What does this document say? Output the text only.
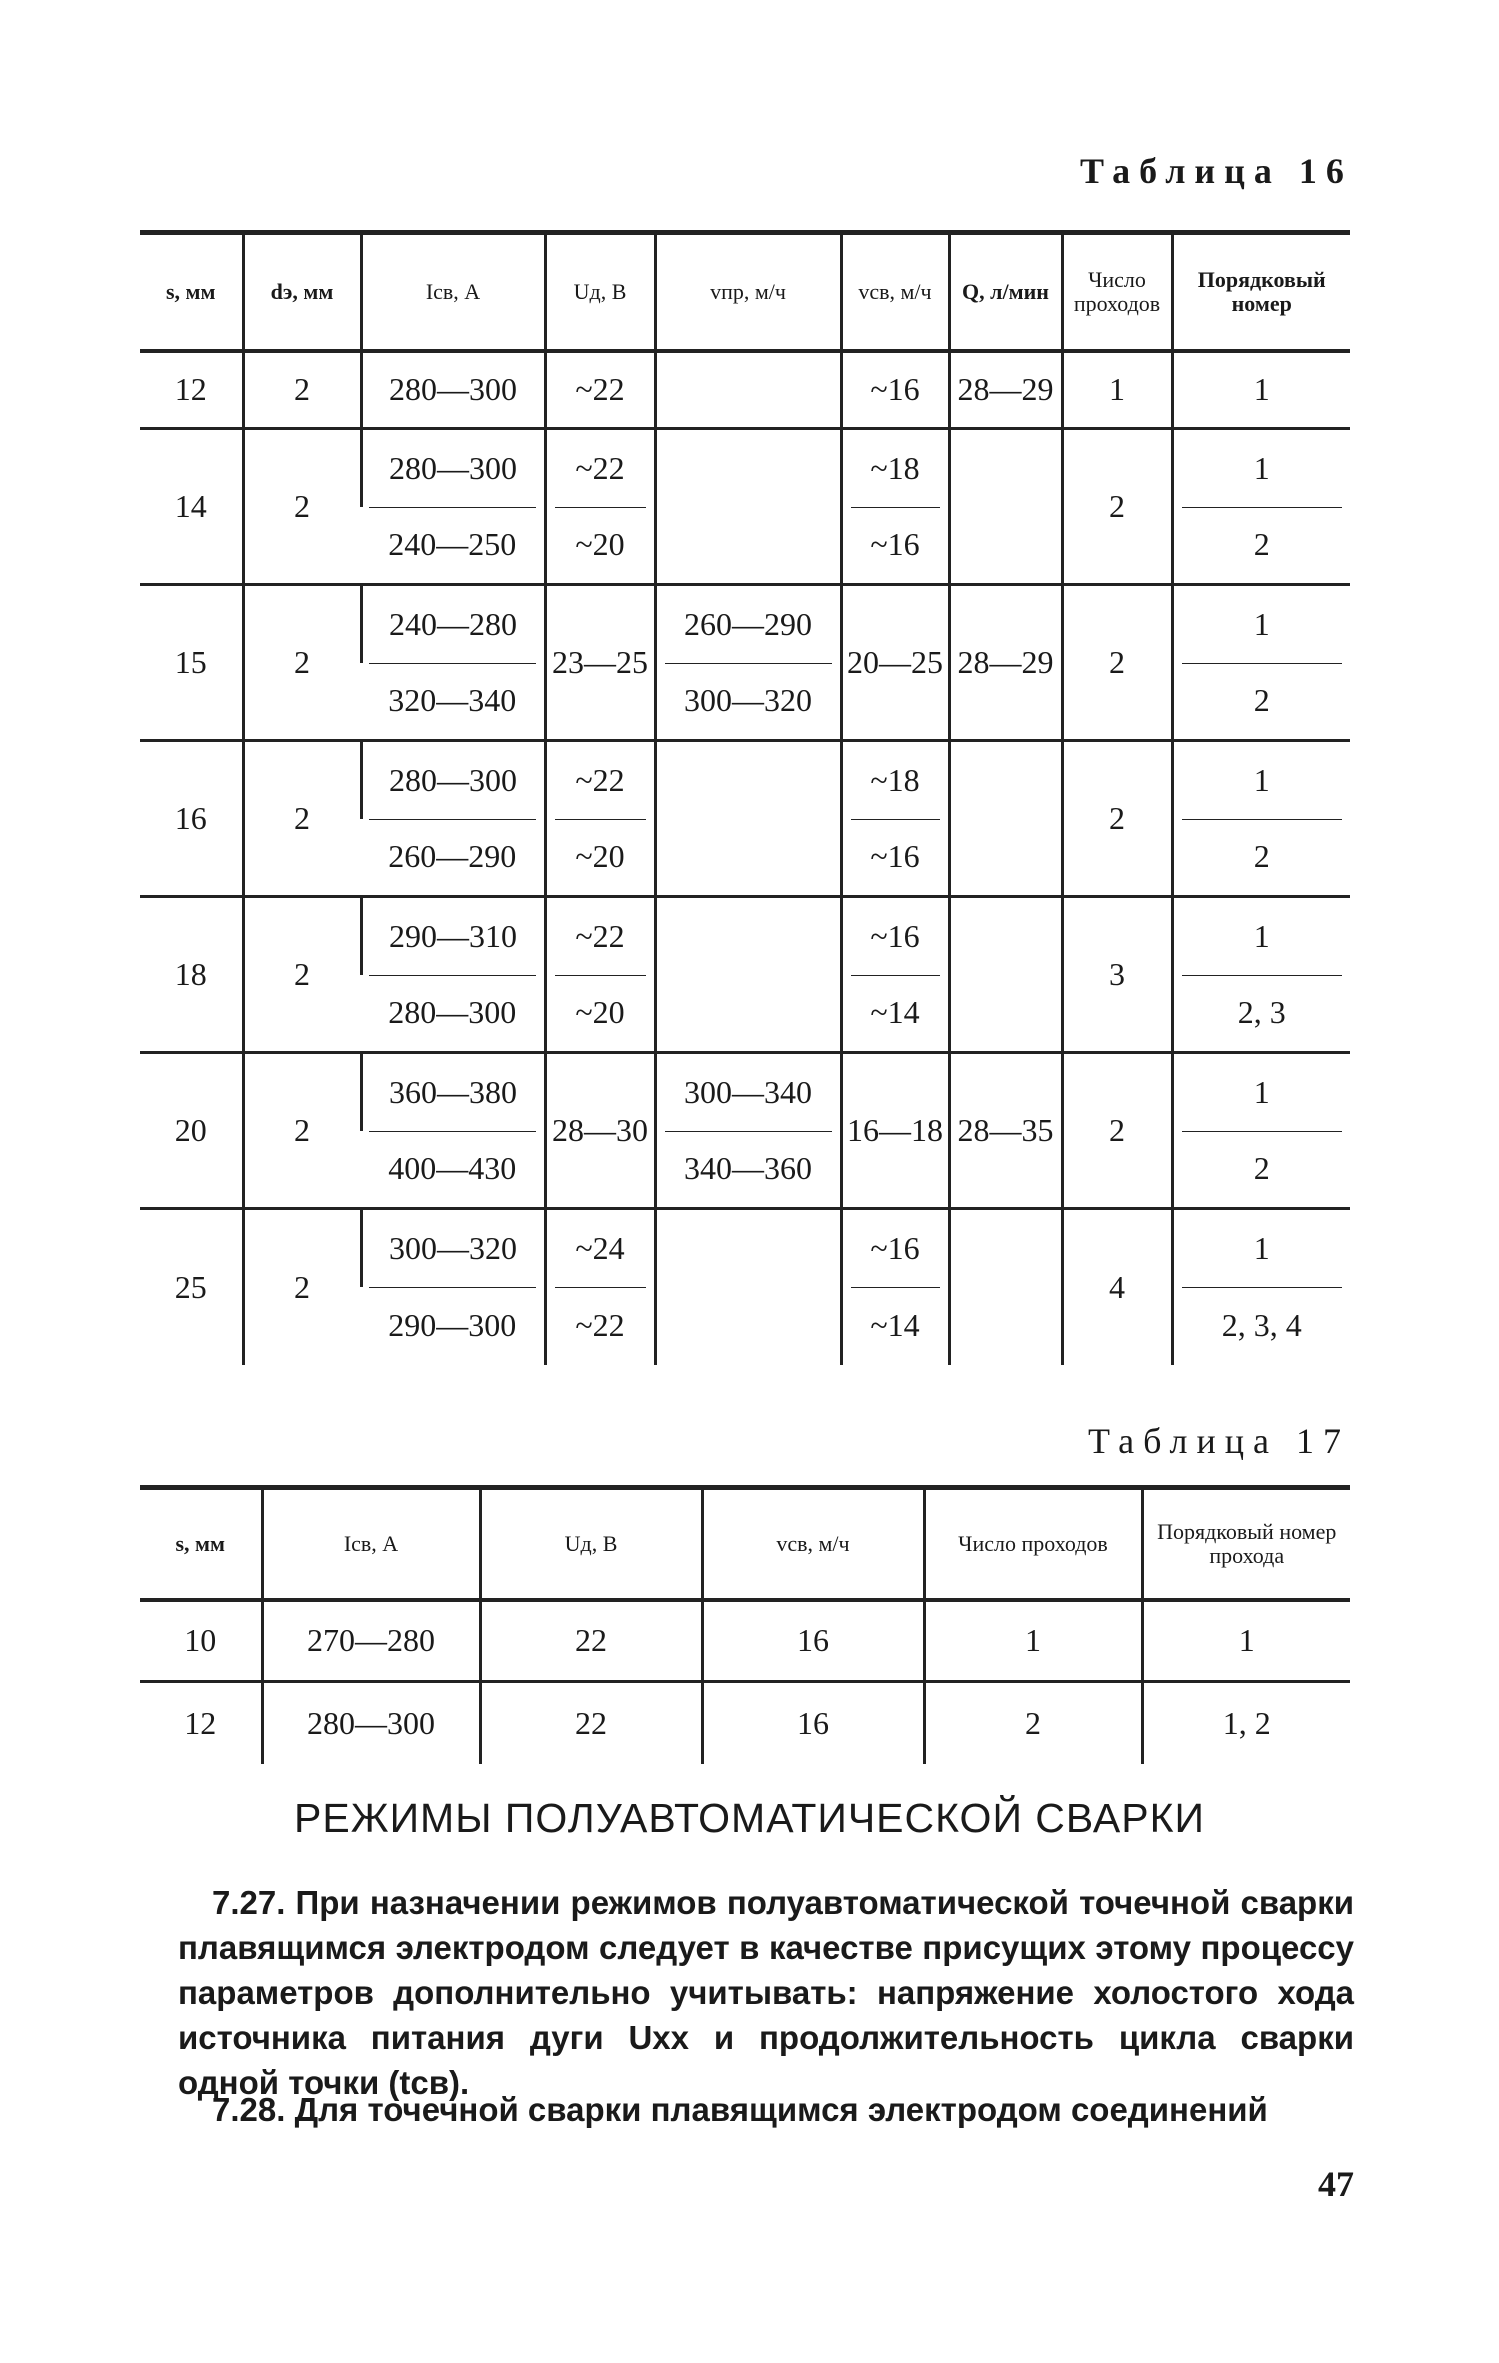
Таблица 16
s, мм	dэ, мм	Iсв, А	Uд, В	vпр, м/ч	vсв, м/ч	Q, л/мин	Число проходов	Порядковый номер
12	2	280—300	~22		~16	28—29	1	1
14	2	280—300	~22		~18		2	1
		240—250	~20		~16			2
15	2	240—280	23—25	260—290	20—25	28—29	2	1
		320—340		300—320				2
16	2	280—300	~22		~18		2	1
		260—290	~20		~16			2
18	2	290—310	~22		~16		3	1
		280—300	~20		~14			2, 3
20	2	360—380	28—30	300—340	16—18	28—35	2	1
		400—430		340—360				2
25	2	300—320	~24		~16		4	1
		290—300	~22		~14			2, 3, 4
Таблица 17
s, мм	Iсв, А	Uд, В	vсв, м/ч	Число проходов	Порядковый номер прохода
10	270—280	22	16	1	1
12	280—300	22	16	2	1, 2
РЕЖИМЫ ПОЛУАВТОМАТИЧЕСКОЙ СВАРКИ

7.27. При назначении режимов полуавтоматической точечной сварки плавящимся электродом следует в качестве присущих этому процессу параметров дополнительно учитывать: напряжение холостого хода источника питания дуги Uхх и продолжительность цикла сварки одной точки (tсв).

7.28. Для точечной сварки плавящимся электродом соединений

47
